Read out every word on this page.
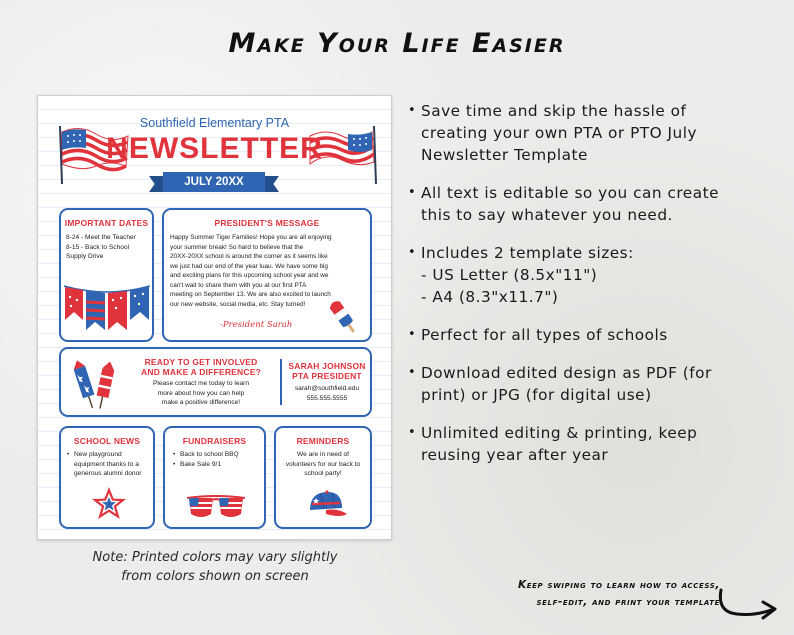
Make Your Life Easier
Southfield Elementary PTA
NEWSLETTER
JULY 20XX
IMPORTANT DATES
8-24 - Meet the Teacher
8-15 - Back to School
Supply Drive
PRESIDENT'S MESSAGE
Happy Summer Tiger Families! Hope you are all enjoying
your summer break! So hard to believe that the
20XX-20XX school is around the corner as it seems like
we just had our end of the year luau. We have some big
and exciting plans for this upcoming school year and we
can't wait to share them with you at our first PTA
meeting on September 13. We are also excited to launch
our new website, social media, etc. Stay turned!
-President Sarah
READY TO GET INVOLVED
AND MAKE A DIFFERENCE?
Please contact me today to learn
more about how you can help
make a positive difference!
SARAH JOHNSON
PTA PRESIDENT
sarah@southfield.edu
555.555.5555
SCHOOL NEWS
• New playground
equipment thanks to a
generous alumni donor
FUNDRAISERS
• Back to school BBQ
• Bake Sale 9/1
REMINDERS
We are in need of
volunteers for our back to
school party!
• Save time and skip the hassle of
creating your own PTA or PTO July
Newsletter Template
• All text is editable so you can create
this to say whatever you need.
• Includes 2 template sizes:
- US Letter (8.5x"11")
- A4 (8.3"x11.7")
• Perfect for all types of schools
• Download edited design as PDF (for
print) or JPG (for digital use)
• Unlimited editing & printing, keep
reusing year after year
Note: Printed colors may vary slightly
from colors shown on screen
Keep swiping to learn how to access,
self-edit, and print your template
